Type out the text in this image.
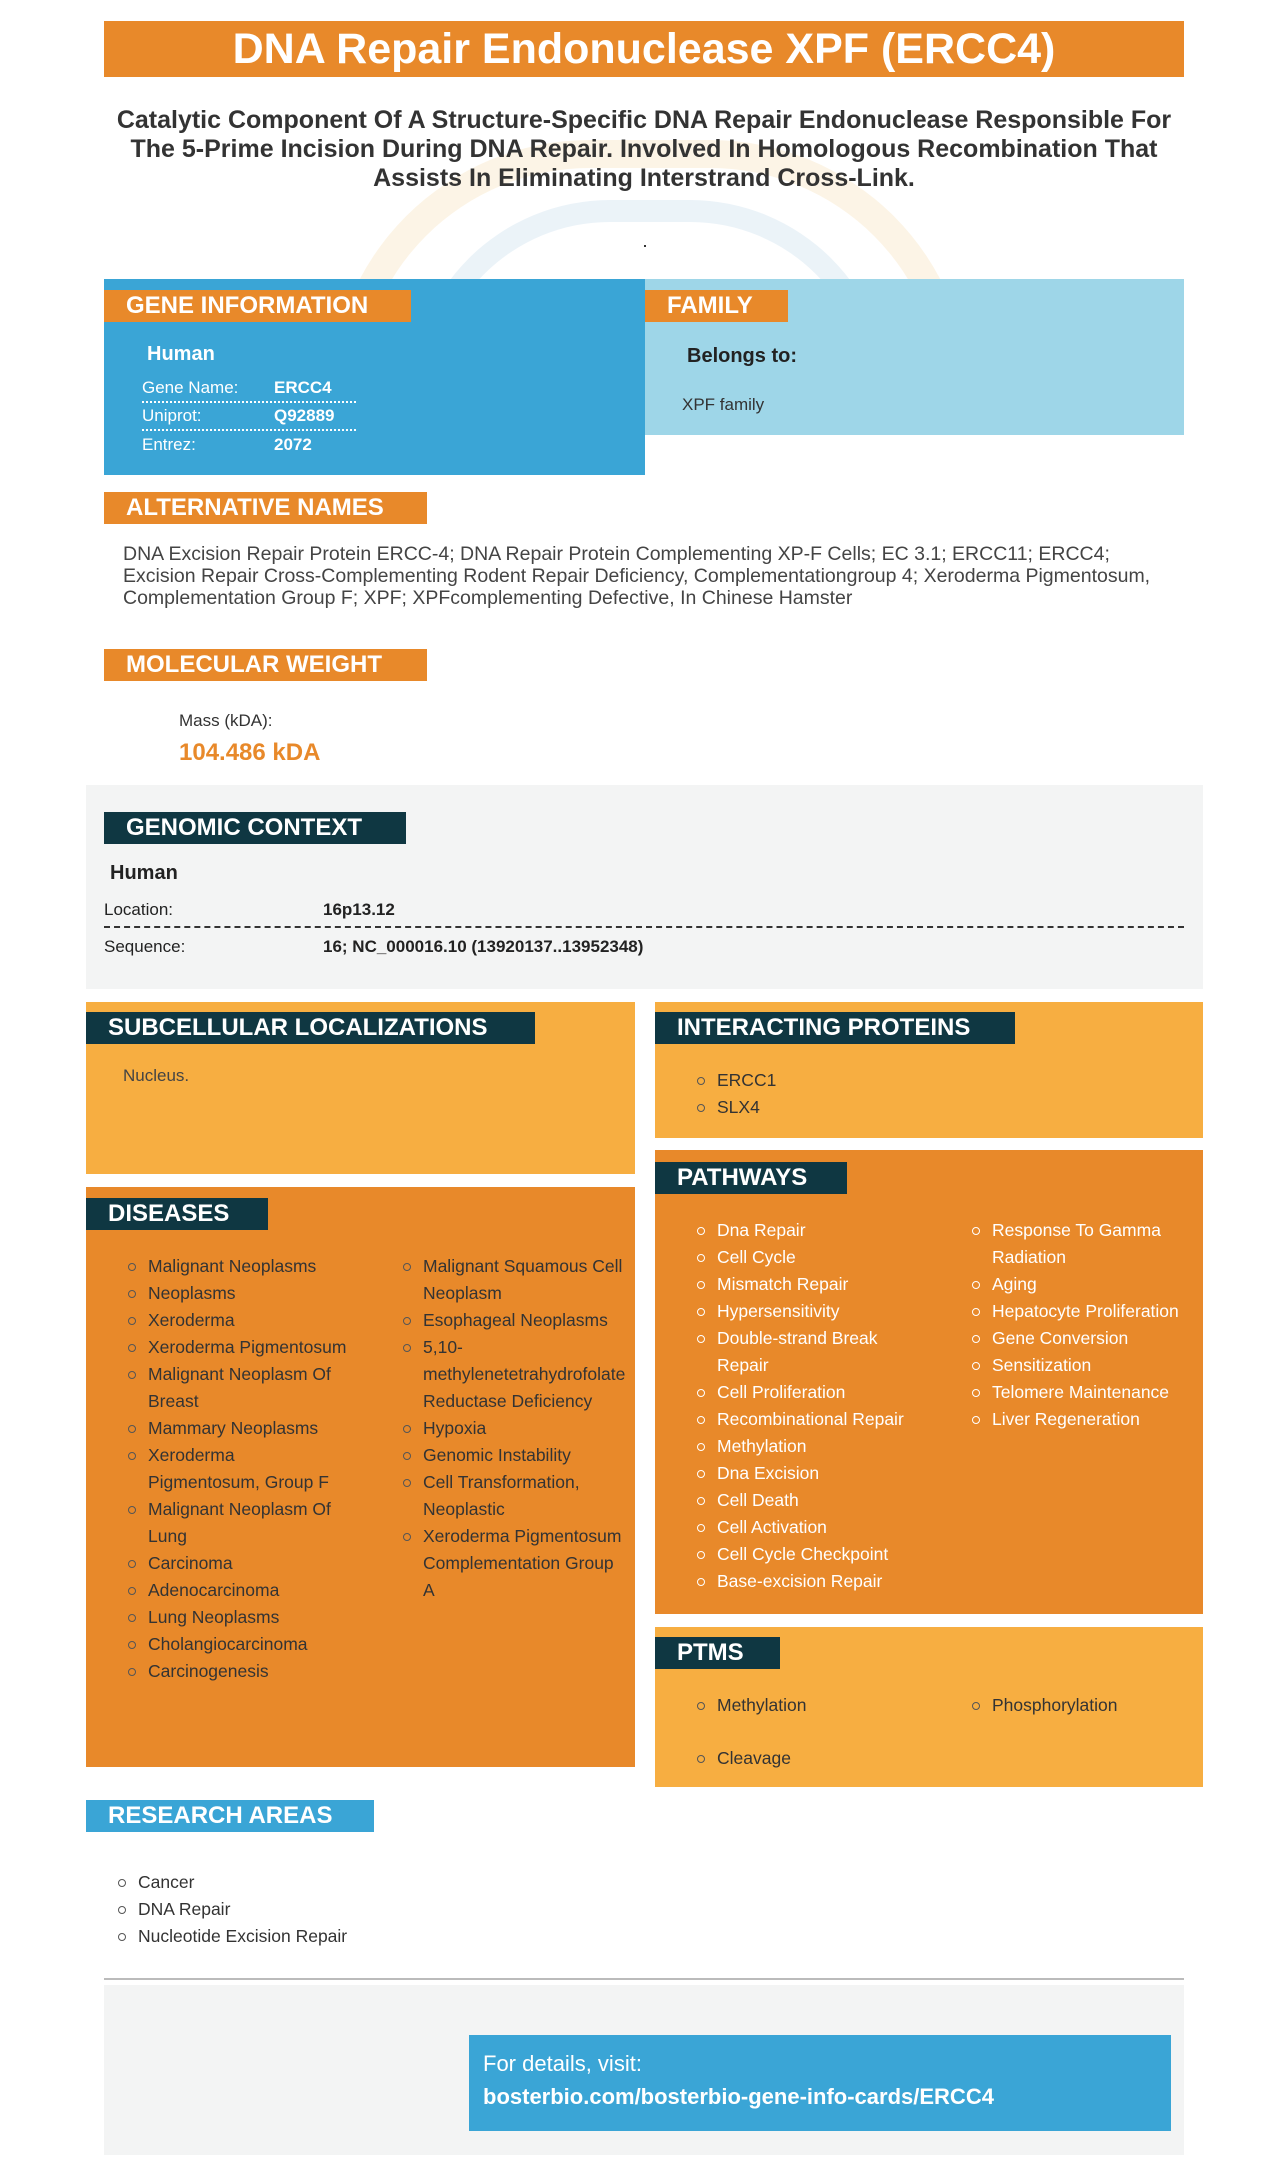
DNA Repair Endonuclease XPF (ERCC4)
Catalytic Component Of A Structure-Specific DNA Repair Endonuclease Responsible For The 5-Prime Incision During DNA Repair. Involved In Homologous Recombination That Assists In Eliminating Interstrand Cross-Link.
GENE INFORMATION	FAMILY
Human
Gene Name:	ERCC4
Uniprot:	Q92889
Entrez:	2072
Belongs to:
XPF family
ALTERNATIVE NAMES
DNA Excision Repair Protein ERCC-4; DNA Repair Protein Complementing XP-F Cells; EC 3.1; ERCC11; ERCC4; Excision Repair Cross-Complementing Rodent Repair Deficiency, Complementationgroup 4; Xeroderma Pigmentosum, Complementation Group F; XPF; XPFcomplementing Defective, In Chinese Hamster
MOLECULAR WEIGHT
Mass (kDA):
104.486 kDA
GENOMIC CONTEXT
Human
Location:	16p13.12
Sequence:	16; NC_000016.10 (13920137..13952348)
SUBCELLULAR LOCALIZATIONS
Nucleus.
INTERACTING PROTEINS
ERCC1
SLX4
DISEASES
Malignant Neoplasms
Neoplasms
Xeroderma
Xeroderma Pigmentosum
Malignant Neoplasm Of Breast
Mammary Neoplasms
Xeroderma Pigmentosum, Group F
Malignant Neoplasm Of Lung
Carcinoma
Adenocarcinoma
Lung Neoplasms
Cholangiocarcinoma
Carcinogenesis
Malignant Squamous Cell Neoplasm
Esophageal Neoplasms
5,10-methylenetetrahydrofolate Reductase Deficiency
Hypoxia
Genomic Instability
Cell Transformation, Neoplastic
Xeroderma Pigmentosum Complementation Group A
PATHWAYS
Dna Repair
Cell Cycle
Mismatch Repair
Hypersensitivity
Double-strand Break Repair
Cell Proliferation
Recombinational Repair
Methylation
Dna Excision
Cell Death
Cell Activation
Cell Cycle Checkpoint
Base-excision Repair
Response To Gamma Radiation
Aging
Hepatocyte Proliferation
Gene Conversion
Sensitization
Telomere Maintenance
Liver Regeneration
PTMS
Methylation	Phosphorylation
Cleavage
RESEARCH AREAS
Cancer
DNA Repair
Nucleotide Excision Repair
For details, visit:
bosterbio.com/bosterbio-gene-info-cards/ERCC4
